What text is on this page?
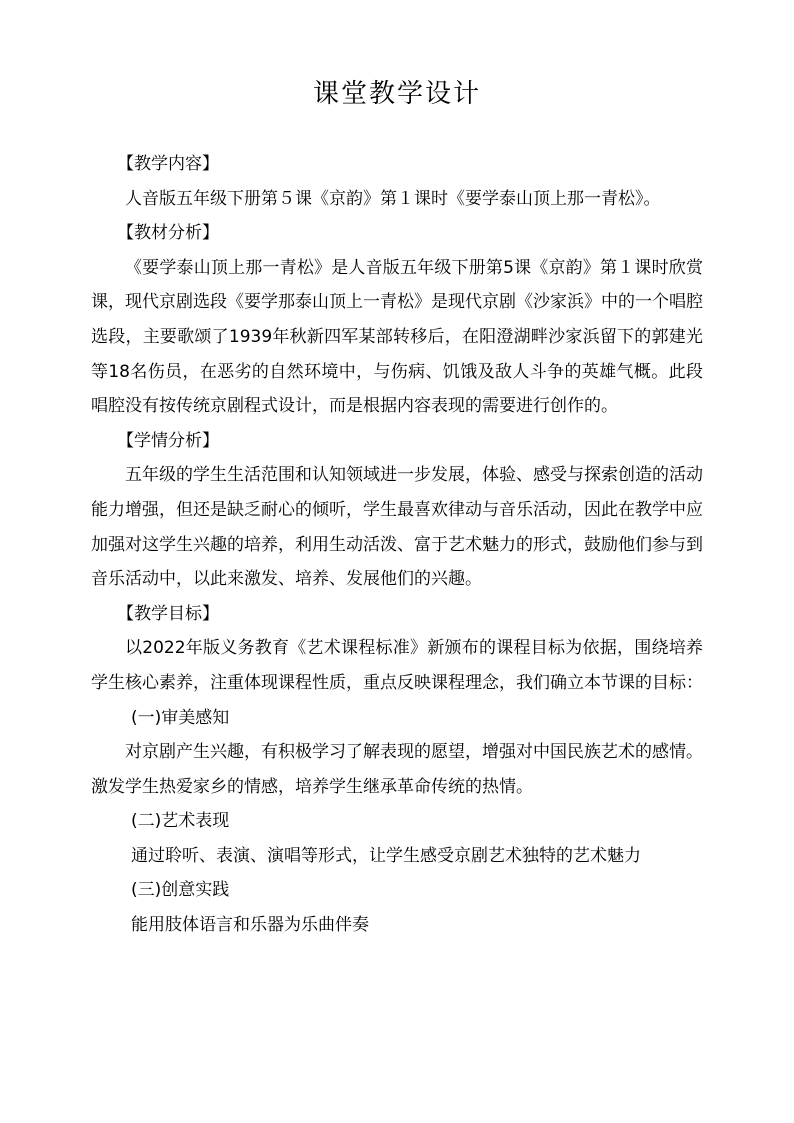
课堂教学设计

【教学内容】

人音版五年级下册第５课《京韵》第１课时《要学泰山顶上那一青松》。

【教材分析】

《要学泰山顶上那一青松》是人音版五年级下册第5课《京韵》第１课时欣赏课，现代京剧选段《要学那泰山顶上一青松》是现代京剧《沙家浜》中的一个唱腔选段，主要歌颂了1939年秋新四军某部转移后，在阳澄湖畔沙家浜留下的郭建光等18名伤员，在恶劣的自然环境中，与伤病、饥饿及敌人斗争的英雄气概。此段唱腔没有按传统京剧程式设计，而是根据内容表现的需要进行创作的。

【学情分析】

五年级的学生生活范围和认知领域进一步发展，体验、感受与探索创造的活动能力增强，但还是缺乏耐心的倾听，学生最喜欢律动与音乐活动，因此在教学中应加强对这学生兴趣的培养，利用生动活泼、富于艺术魅力的形式，鼓励他们参与到音乐活动中，以此来激发、培养、发展他们的兴趣。

【教学目标】

以2022年版义务教育《艺术课程标准》新颁布的课程目标为依据，围绕培养学生核心素养，注重体现课程性质，重点反映课程理念，我们确立本节课的目标：

(一)审美感知

对京剧产生兴趣，有积极学习了解表现的愿望，增强对中国民族艺术的感情。激发学生热爱家乡的情感，培养学生继承革命传统的热情。

(二)艺术表现

通过聆听、表演、演唱等形式，让学生感受京剧艺术独特的艺术魅力

(三)创意实践

能用肢体语言和乐器为乐曲伴奏
